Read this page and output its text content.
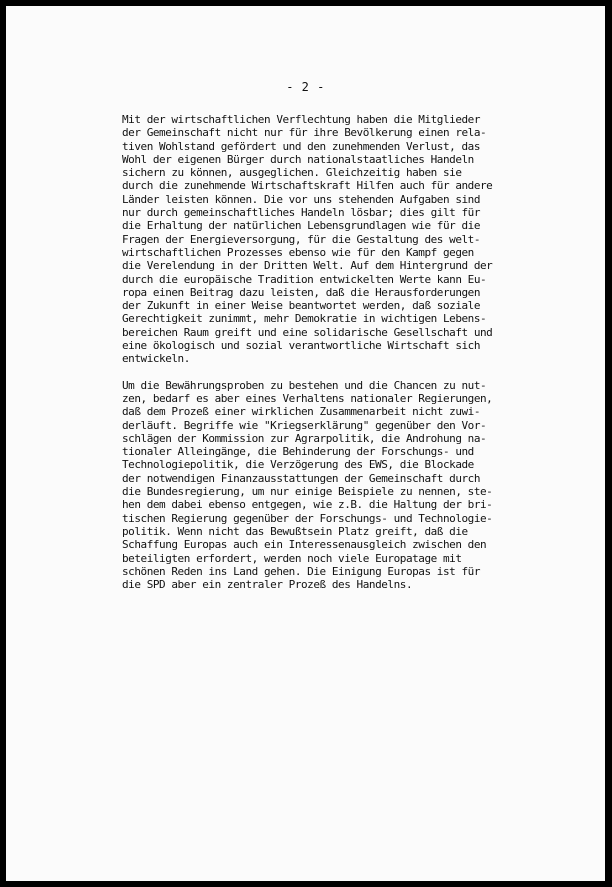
- 2 -

Mit der wirtschaftlichen Verflechtung haben die Mitglieder
der Gemeinschaft nicht nur für ihre Bevölkerung einen rela-
tiven Wohlstand gefördert und den zunehmenden Verlust, das
Wohl der eigenen Bürger durch nationalstaatliches Handeln
sichern zu können, ausgeglichen. Gleichzeitig haben sie
durch die zunehmende Wirtschaftskraft Hilfen auch für andere
Länder leisten können. Die vor uns stehenden Aufgaben sind
nur durch gemeinschaftliches Handeln lösbar; dies gilt für
die Erhaltung der natürlichen Lebensgrundlagen wie für die
Fragen der Energieversorgung, für die Gestaltung des welt-
wirtschaftlichen Prozesses ebenso wie für den Kampf gegen
die Verelendung in der Dritten Welt. Auf dem Hintergrund der
durch die europäische Tradition entwickelten Werte kann Eu-
ropa einen Beitrag dazu leisten, daß die Herausforderungen
der Zukunft in einer Weise beantwortet werden, daß soziale
Gerechtigkeit zunimmt, mehr Demokratie in wichtigen Lebens-
bereichen Raum greift und eine solidarische Gesellschaft und
eine ökologisch und sozial verantwortliche Wirtschaft sich
entwickeln.

Um die Bewährungsproben zu bestehen und die Chancen zu nut-
zen, bedarf es aber eines Verhaltens nationaler Regierungen,
daß dem Prozeß einer wirklichen Zusammenarbeit nicht zuwi-
derläuft. Begriffe wie "Kriegserklärung" gegenüber den Vor-
schlägen der Kommission zur Agrarpolitik, die Androhung na-
tionaler Alleingänge, die Behinderung der Forschungs- und
Technologiepolitik, die Verzögerung des EWS, die Blockade
der notwendigen Finanzausstattungen der Gemeinschaft durch
die Bundesregierung, um nur einige Beispiele zu nennen, ste-
hen dem dabei ebenso entgegen, wie z.B. die Haltung der bri-
tischen Regierung gegenüber der Forschungs- und Technologie-
politik. Wenn nicht das Bewußtsein Platz greift, daß die
Schaffung Europas auch ein Interessenausgleich zwischen den
beteiligten erfordert, werden noch viele Europatage mit
schönen Reden ins Land gehen. Die Einigung Europas ist für
die SPD aber ein zentraler Prozeß des Handelns.
